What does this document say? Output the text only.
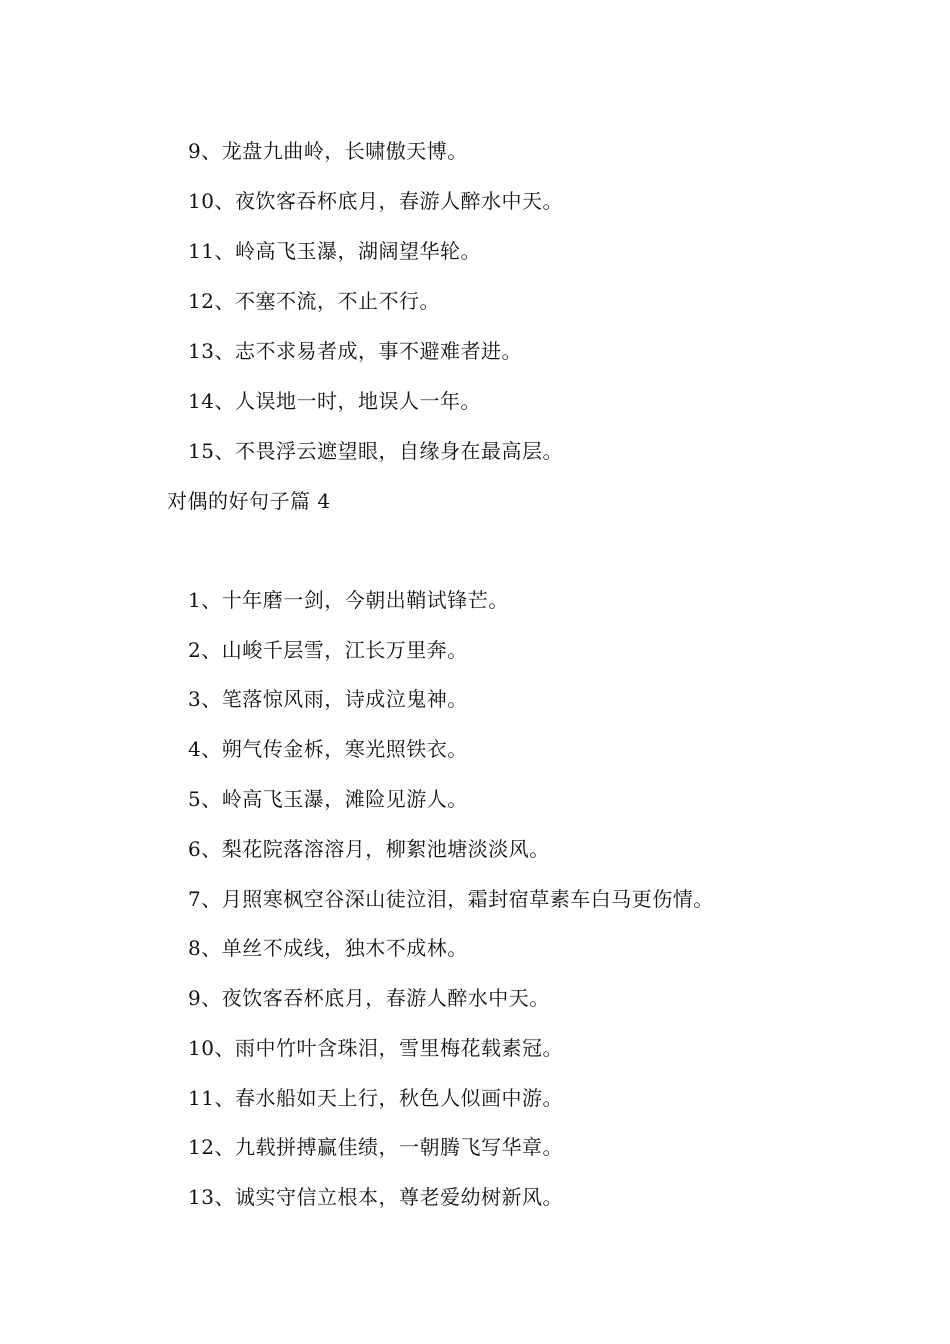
9、龙盘九曲岭，长啸傲天博。
10、夜饮客吞杯底月，春游人醉水中天。
11、岭高飞玉瀑，湖阔望华轮。
12、不塞不流，不止不行。
13、志不求易者成，事不避难者进。
14、人误地一时，地误人一年。
15、不畏浮云遮望眼，自缘身在最高层。
对偶的好句子篇 4
1、十年磨一剑，今朝出鞘试锋芒。
2、山峻千层雪，江长万里奔。
3、笔落惊风雨，诗成泣鬼神。
4、朔气传金柝，寒光照铁衣。
5、岭高飞玉瀑，滩险见游人。
6、梨花院落溶溶月，柳絮池塘淡淡风。
7、月照寒枫空谷深山徒泣泪，霜封宿草素车白马更伤情。
8、单丝不成线，独木不成林。
9、夜饮客吞杯底月，春游人醉水中天。
10、雨中竹叶含珠泪，雪里梅花载素冠。
11、春水船如天上行，秋色人似画中游。
12、九载拼搏赢佳绩，一朝腾飞写华章。
13、诚实守信立根本，尊老爱幼树新风。
